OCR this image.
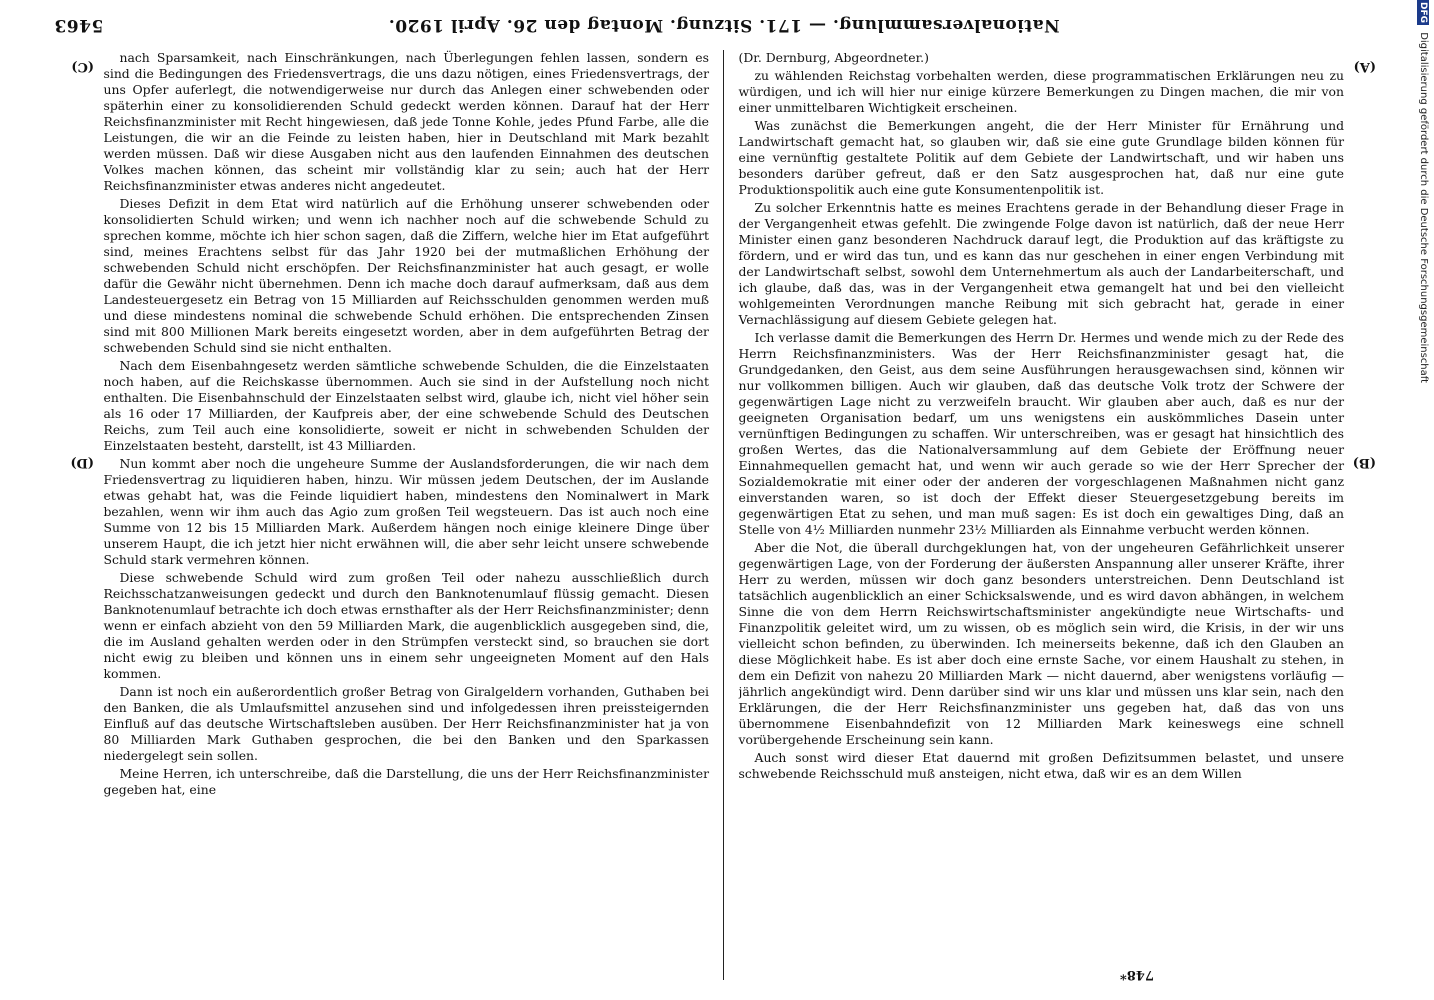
Nationalversammlung. — 171. Sitzung. Montag den 26. April 1920.
5463
(A)
(B)
(C)
(D)

(Dr. Dernburg, Abgeordneter.)

zu wählenden Reichstag vorbehalten werden, diese programmatischen Erklärungen neu zu würdigen, und ich will hier nur einige kürzere Bemerkungen zu Dingen machen, die mir von einer unmittelbaren Wichtigkeit erscheinen.

Was zunächst die Bemerkungen angeht, die der Herr Minister für Ernährung und Landwirtschaft gemacht hat, so glauben wir, daß sie eine gute Grundlage bilden können für eine vernünftig gestaltete Politik auf dem Gebiete der Landwirtschaft, und wir haben uns besonders darüber gefreut, daß er den Satz ausgesprochen hat, daß nur eine gute Produktionspolitik auch eine gute Konsumentenpolitik ist.

Zu solcher Erkenntnis hatte es meines Erachtens gerade in der Behandlung dieser Frage in der Vergangenheit etwas gefehlt. Die zwingende Folge davon ist natürlich, daß der neue Herr Minister einen ganz besonderen Nachdruck darauf legt, die Produktion auf das kräftigste zu fördern, und er wird das tun, und es kann das nur geschehen in einer engen Verbindung mit der Landwirtschaft selbst, sowohl dem Unternehmertum als auch der Landarbeiterschaft, und ich glaube, daß das, was in der Vergangenheit etwa gemangelt hat und bei den vielleicht wohlgemeinten Verordnungen manche Reibung mit sich gebracht hat, gerade in einer Vernachlässigung auf diesem Gebiete gelegen hat.

Ich verlasse damit die Bemerkungen des Herrn Dr. Hermes und wende mich zu der Rede des Herrn Reichsfinanzministers. Was der Herr Reichsfinanzminister gesagt hat, die Grundgedanken, den Geist, aus dem seine Ausführungen herausgewachsen sind, können wir nur vollkommen billigen. Auch wir glauben, daß das deutsche Volk trotz der Schwere der gegenwärtigen Lage nicht zu verzweifeln braucht. Wir glauben aber auch, daß es nur der geeigneten Organisation bedarf, um uns wenigstens ein auskömmliches Dasein unter vernünftigen Bedingungen zu schaffen. Wir unterschreiben, was er gesagt hat hinsichtlich des großen Wertes, das die Nationalversammlung auf dem Gebiete der Eröffnung neuer Einnahmequellen gemacht hat, und wenn wir auch gerade so wie der Herr Sprecher der Sozialdemokratie mit einer oder der anderen der vorgeschlagenen Maßnahmen nicht ganz einverstanden waren, so ist doch der Effekt dieser Steuergesetzgebung bereits im gegenwärtigen Etat zu sehen, und man muß sagen: Es ist doch ein gewaltiges Ding, daß an Stelle von 4½ Milliarden nunmehr 23½ Milliarden als Einnahme verbucht werden können.

Aber die Not, die überall durchgeklungen hat, von der ungeheuren Gefährlichkeit unserer gegenwärtigen Lage, von der Forderung der äußersten Anspannung aller unserer Kräfte, ihrer Herr zu werden, müssen wir doch ganz besonders unterstreichen. Denn Deutschland ist tatsächlich augenblicklich an einer Schicksalswende, und es wird davon abhängen, in welchem Sinne die von dem Herrn Reichswirtschaftsminister angekündigte neue Wirtschafts- und Finanzpolitik geleitet wird, um zu wissen, ob es möglich sein wird, die Krisis, in der wir uns vielleicht schon befinden, zu überwinden. Ich meinerseits bekenne, daß ich den Glauben an diese Möglichkeit habe. Es ist aber doch eine ernste Sache, vor einem Haushalt zu stehen, in dem ein Defizit von nahezu 20 Milliarden Mark — nicht dauernd, aber wenigstens vorläufig — jährlich angekündigt wird. Denn darüber sind wir uns klar und müssen uns klar sein, nach den Erklärungen, die der Herr Reichsfinanzminister uns gegeben hat, daß das von uns übernommene Eisenbahndefizit von 12 Milliarden Mark keineswegs eine schnell vorübergehende Erscheinung sein kann.

Auch sonst wird dieser Etat dauernd mit großen Defizitsummen belastet, und unsere schwebende Reichsschuld muß ansteigen, nicht etwa, daß wir es an dem Willen

nach Sparsamkeit, nach Einschränkungen, nach Überlegungen fehlen lassen, sondern es sind die Bedingungen des Friedensvertrags, die uns dazu nötigen, eines Friedensvertrags, der uns Opfer auferlegt, die notwendigerweise nur durch das Anlegen einer schwebenden oder späterhin einer zu konsolidierenden Schuld gedeckt werden können. Darauf hat der Herr Reichsfinanzminister mit Recht hingewiesen, daß jede Tonne Kohle, jedes Pfund Farbe, alle die Leistungen, die wir an die Feinde zu leisten haben, hier in Deutschland mit Mark bezahlt werden müssen. Daß wir diese Ausgaben nicht aus den laufenden Einnahmen des deutschen Volkes machen können, das scheint mir vollständig klar zu sein; auch hat der Herr Reichsfinanzminister etwas anderes nicht angedeutet.

Dieses Defizit in dem Etat wird natürlich auf die Erhöhung unserer schwebenden oder konsolidierten Schuld wirken; und wenn ich nachher noch auf die schwebende Schuld zu sprechen komme, möchte ich hier schon sagen, daß die Ziffern, welche hier im Etat aufgeführt sind, meines Erachtens selbst für das Jahr 1920 bei der mutmaßlichen Erhöhung der schwebenden Schuld nicht erschöpfen. Der Reichsfinanzminister hat auch gesagt, er wolle dafür die Gewähr nicht übernehmen. Denn ich mache doch darauf aufmerksam, daß aus dem Landesteuergesetz ein Betrag von 15 Milliarden auf Reichsschulden genommen werden muß und diese mindestens nominal die schwebende Schuld erhöhen. Die entsprechenden Zinsen sind mit 800 Millionen Mark bereits eingesetzt worden, aber in dem aufgeführten Betrag der schwebenden Schuld sind sie nicht enthalten.

Nach dem Eisenbahngesetz werden sämtliche schwebende Schulden, die die Einzelstaaten noch haben, auf die Reichskasse übernommen. Auch sie sind in der Aufstellung noch nicht enthalten. Die Eisenbahnschuld der Einzelstaaten selbst wird, glaube ich, nicht viel höher sein als 16 oder 17 Milliarden, der Kaufpreis aber, der eine schwebende Schuld des Deutschen Reichs, zum Teil auch eine konsolidierte, soweit er nicht in schwebenden Schulden der Einzelstaaten besteht, darstellt, ist 43 Milliarden.

Nun kommt aber noch die ungeheure Summe der Auslandsforderungen, die wir nach dem Friedensvertrag zu liquidieren haben, hinzu. Wir müssen jedem Deutschen, der im Auslande etwas gehabt hat, was die Feinde liquidiert haben, mindestens den Nominalwert in Mark bezahlen, wenn wir ihm auch das Agio zum großen Teil wegsteuern. Das ist auch noch eine Summe von 12 bis 15 Milliarden Mark. Außerdem hängen noch einige kleinere Dinge über unserem Haupt, die ich jetzt hier nicht erwähnen will, die aber sehr leicht unsere schwebende Schuld stark vermehren können.

Diese schwebende Schuld wird zum großen Teil oder nahezu ausschließlich durch Reichsschatzanweisungen gedeckt und durch den Banknotenumlauf flüssig gemacht. Diesen Banknotenumlauf betrachte ich doch etwas ernsthafter als der Herr Reichsfinanzminister; denn wenn er einfach abzieht von den 59 Milliarden Mark, die augenblicklich ausgegeben sind, die, die im Ausland gehalten werden oder in den Strümpfen versteckt sind, so brauchen sie dort nicht ewig zu bleiben und können uns in einem sehr ungeeigneten Moment auf den Hals kommen.

Dann ist noch ein außerordentlich großer Betrag von Giralgeldern vorhanden, Guthaben bei den Banken, die als Umlaufsmittel anzusehen sind und infolgedessen ihren preissteigernden Einfluß auf das deutsche Wirtschaftsleben ausüben. Der Herr Reichsfinanzminister hat ja von 80 Milliarden Mark Guthaben gesprochen, die bei den Banken und den Sparkassen niedergelegt sein sollen.

Meine Herren, ich unterschreibe, daß die Darstellung, die uns der Herr Reichsfinanzminister gegeben hat, eine

748*
DFG Digitalisierung gefördert durch die Deutsche Forschungsgemeinschaft
